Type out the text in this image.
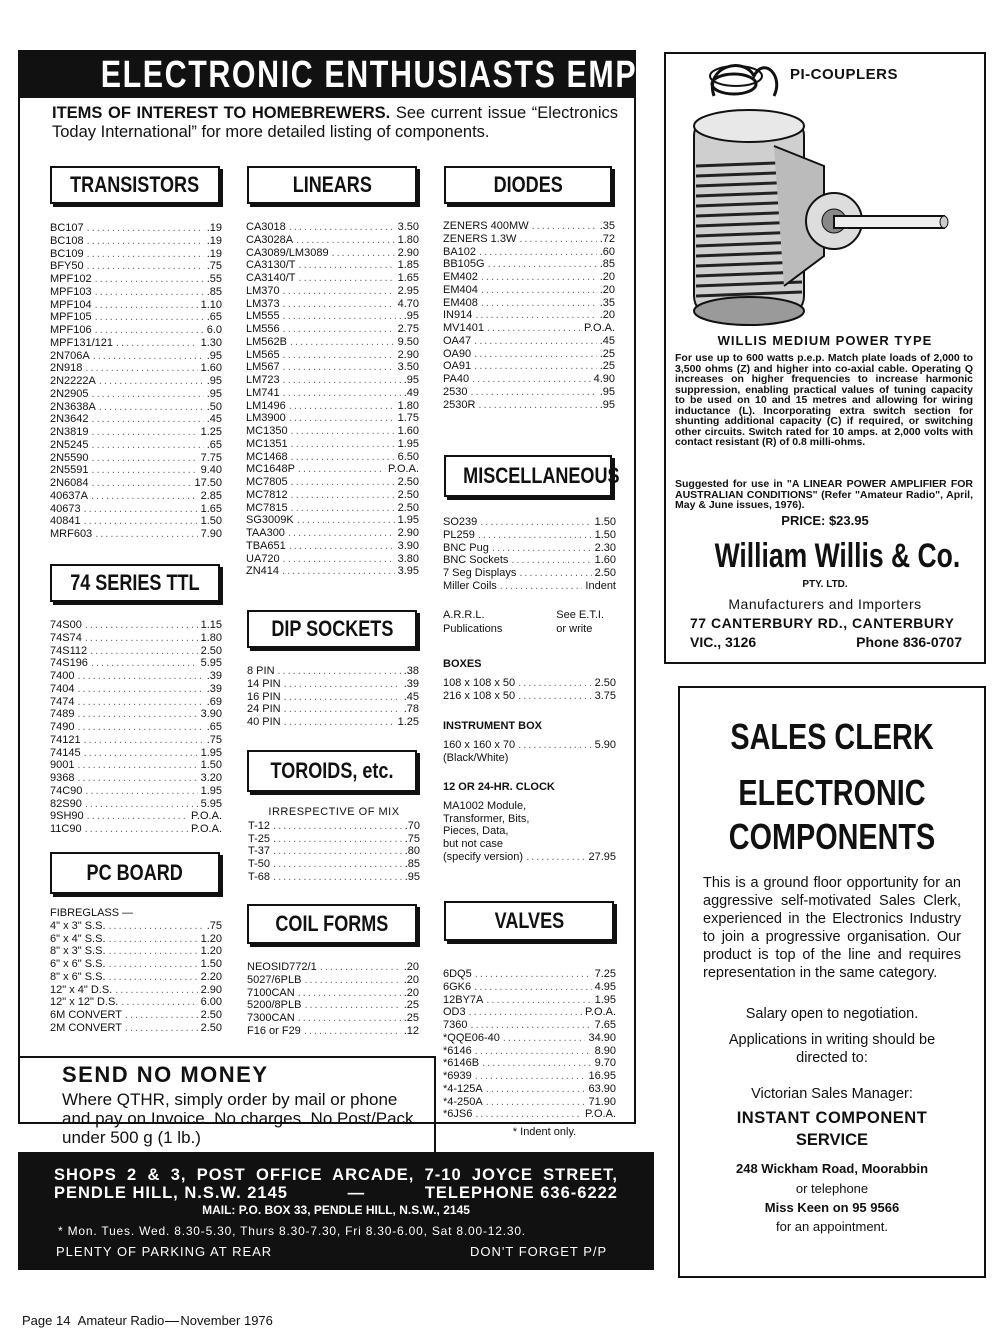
ELECTRONIC ENTHUSIASTS EMPORIUM
ITEMS OF INTEREST TO HOMEBREWERS. See current issue “Electronics Today International” for more detailed listing of components.
TRANSISTORS	LINEARS	DIODES
BC107 .....	.19
BC108 .....	.19
BC109 .....	.19
BFY50 .....	.75
MPF102 .....	.55
MPF103 .....	.85
MPF104 .....	1.10
MPF105 .....	.65
MPF106 .....	6.0
MPF131/121 .....	1.30
2N706A .....	.95
2N918 .....	1.60
2N2222A .....	.95
2N2905 .....	.95
2N3638A .....	.50
2N3642 .....	.45
2N3819 .....	1.25
2N5245 .....	.65
2N5590 .....	7.75
2N5591 .....	9.40
2N6084 .....	17.50
40637A .....	2.85
40673 .....	1.65
40841 .....	1.50
MRF603 .....	7.90
CA3018 .....	3.50
CA3028A .....	1.80
CA3089/LM3089 .....	2.90
CA3130/T .....	1.85
CA3140/T .....	1.65
LM370 .....	2.95
LM373 .....	4.70
LM555 .....	.95
LM556 .....	2.75
LM562B .....	9.50
LM565 .....	2.90
LM567 .....	3.50
LM723 .....	.95
LM741 .....	.49
LM1496 .....	1.80
LM3900 .....	1.75
MC1350 .....	1.60
MC1351 .....	1.95
MC1468 .....	6.50
MC1648P .....	P.O.A.
MC7805 .....	2.50
MC7812 .....	2.50
MC7815 .....	2.50
SG3009K .....	1.95
TAA300 .....	2.90
TBA651 .....	3.90
UA720 .....	3.80
ZN414 .....	3.95
ZENERS 400MW .....	.35
ZENERS 1.3W .....	.72
BA102 .....	.60
BB105G .....	.85
EM402 .....	.20
EM404 .....	.20
EM408 .....	.35
IN914 .....	.20
MV1401 .....	P.O.A.
OA47 .....	.45
OA90 .....	.25
OA91 .....	.25
PA40 .....	4.90
2530 .....	.95
2530R .....	.95
74 SERIES TTL
74S00 .....	1.15
74S74 .....	1.80
74S112 .....	2.50
74S196 .....	5.95
7400 .....	.39
7404 .....	.39
7474 .....	.69
7489 .....	3.90
7490 .....	.65
74121 .....	.75
74145 .....	1.95
9001 .....	1.50
9368 .....	3.20
74C90 .....	1.95
82S90 .....	5.95
9SH90 .....	P.O.A.
11C90 .....	P.O.A.
DIP SOCKETS
8 PIN .....	.38
14 PIN .....	.39
16 PIN .....	.45
24 PIN .....	.78
40 PIN .....	1.25
TOROIDS, etc.
IRRESPECTIVE OF MIX
T-12 .....	.70
T-25 .....	.75
T-37 .....	.80
T-50 .....	.85
T-68 .....	.95
MISCELLANEOUS
SO239 .....	1.50
PL259 .....	1.50
BNC Pug .....	2.30
BNC Sockets .....	1.60
7 Seg Displays .....	2.50
Miller Coils .....	Indent
A.R.R.L.
Publications
See E.T.I.
or write
BOXES
108 x 108 x 50 .....	2.50
216 x 108 x 50 .....	3.75
INSTRUMENT BOX
160 x 160 x 70 .....	5.90
(Black/White)
12 OR 24-HR. CLOCK
MA1002 Module,
Transformer, Bits,
Pieces, Data,
but not case
(specify version) .....	27.95
PC BOARD
FIBREGLASS —
4" x 3" S.S. .....	.75
6" x 4" S.S. .....	1.20
8" x 3" S.S. .....	1.20
6" x 6" S.S. .....	1.50
8" x 6" S.S. .....	2.20
12" x 4" D.S. .....	2.90
12" x 12" D.S. .....	6.00
6M CONVERT .....	2.50
2M CONVERT .....	2.50
COIL FORMS
NEOSID772/1 .....	.20
5027/6PLB .....	.20
7100CAN .....	.20
5200/8PLB .....	.25
7300CAN .....	.25
F16 or F29 .....	.12
VALVES
6DQ5 .....	7.25
6GK6 .....	4.95
12BY7A .....	1.95
OD3 .....	P.O.A.
7360 .....	7.65
*QQE06-40 .....	34.90
*6146 .....	8.90
*6146B .....	9.70
*6939 .....	16.95
*4-125A .....	63.90
*4-250A .....	71.90
*6JS6 .....	P.O.A.
* Indent only.
SEND NO MONEY
Where QTHR, simply order by mail or phone and pay on Invoice. No charges. No Post/Pack under 500 g (1 lb.)
SHOPS 2 & 3, POST OFFICE ARCADE, 7-10 JOYCE STREET,
PENDLE HILL, N.S.W. 2145	—	TELEPHONE 636-6222
MAIL: P.O. BOX 33, PENDLE HILL, N.S.W., 2145
* Mon. Tues. Wed. 8.30-5.30, Thurs 8.30-7.30, Fri 8.30-6.00, Sat 8.00-12.30.
PLENTY OF PARKING AT REAR	DON'T FORGET P/P
Page 14 Amateur Radio November 1976
PI-COUPLERS
WILLIS MEDIUM POWER TYPE
For use up to 600 watts p.e.p. Match plate loads of 2,000 to 3,500 ohms (Z) and higher into co-axial cable. Operating Q increases on higher frequencies to increase harmonic suppression, enabling practical values of tuning capacity to be used on 10 and 15 metres and allowing for wiring inductance (L). Incorporating extra switch section for shunting additional capacity (C) if required, or switching other circuits. Switch rated for 10 amps. at 2,000 volts with contact resistant (R) of 0.8 milli-ohms.
Suggested for use in "A LINEAR POWER AMPLIFIER FOR AUSTRALIAN CONDITIONS" (Refer "Amateur Radio", April, May & June issues, 1976).
PRICE: $23.95
William Willis & Co.
PTY. LTD.
Manufacturers and Importers
77 CANTERBURY RD., CANTERBURY
VIC., 3126	Phone 836-0707
SALES CLERK
ELECTRONIC
COMPONENTS
This is a ground floor opportunity for an aggressive self-motivated Sales Clerk, experienced in the Electronics Industry to join a progressive organisation. Our product is top of the line and requires representation in the same category.
Salary open to negotiation.
Applications in writing should be directed to:
Victorian Sales Manager:
INSTANT COMPONENT
SERVICE
248 Wickham Road, Moorabbin
or telephone
Miss Keen on 95 9566
for an appointment.
